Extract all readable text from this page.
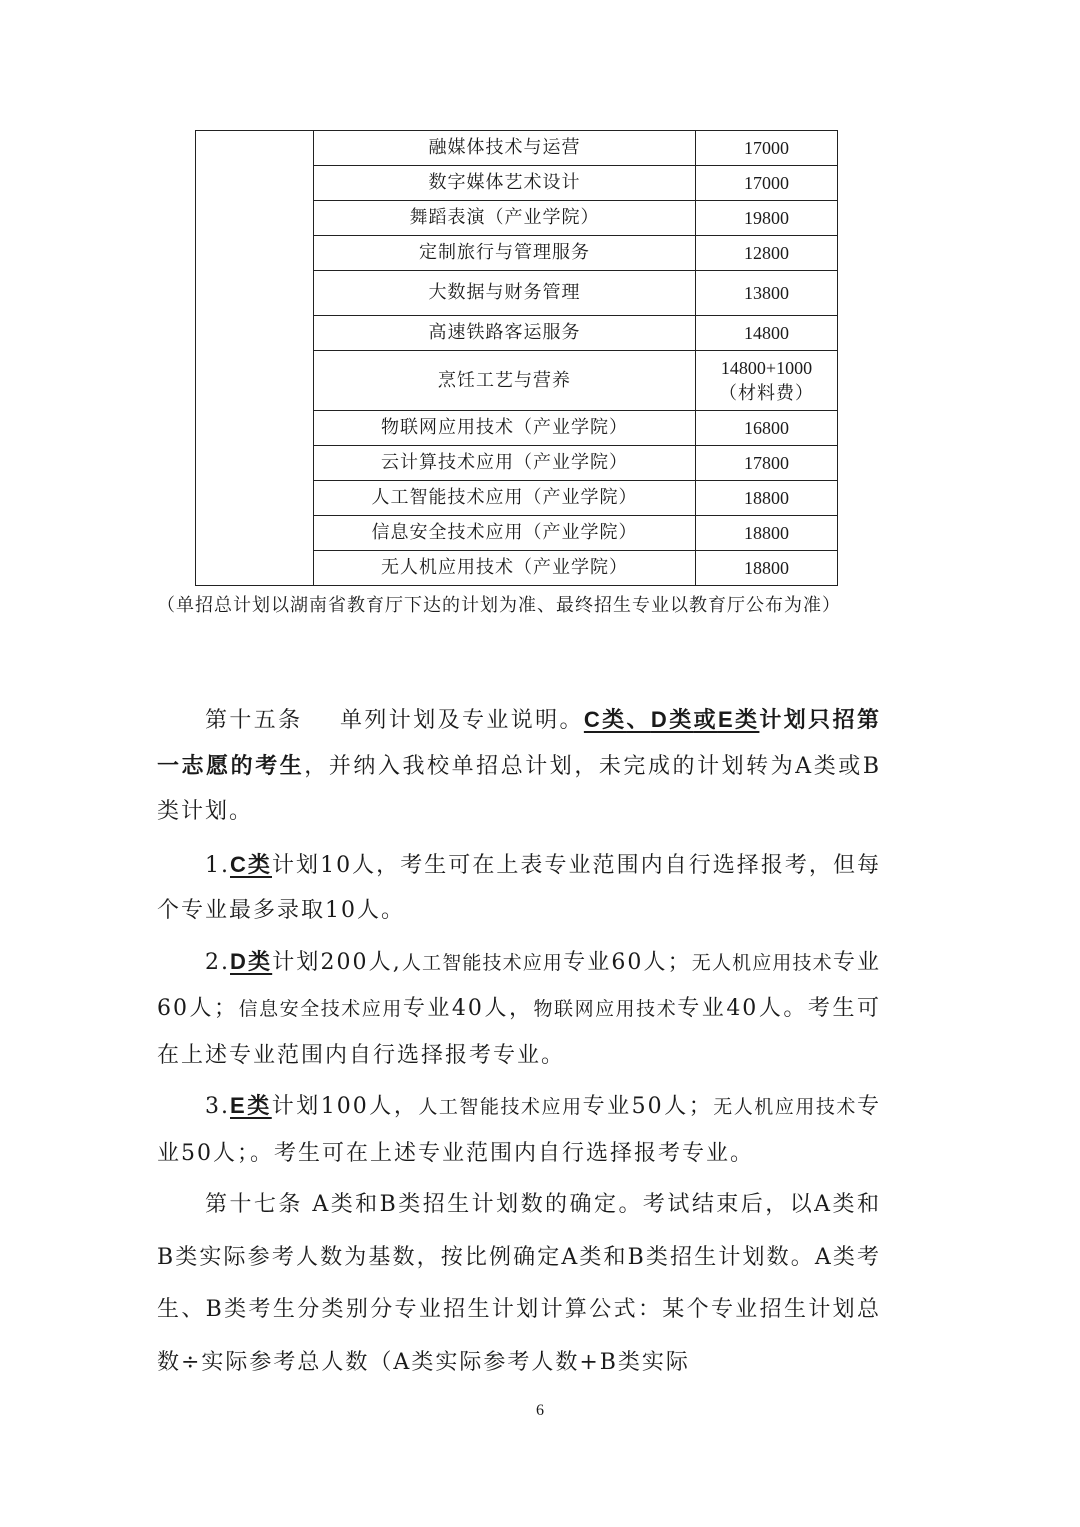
	融媒体技术与运营	17000
	数字媒体艺术设计	17000
	舞蹈表演（产业学院）	19800
	定制旅行与管理服务	12800
	大数据与财务管理	13800
	高速铁路客运服务	14800
	烹饪工艺与营养	14800+1000
（材料费）

	物联网应用技术（产业学院）	16800
	云计算技术应用（产业学院）	17800
	人工智能技术应用（产业学院）	18800
	信息安全技术应用（产业学院）	18800
	无人机应用技术（产业学院）	18800
（单招总计划以湖南省教育厅下达的计划为准、最终招生专业以教育厅公布为准）

第十五条 单列计划及专业说明。C类、D类或E类计划只招第一志愿的考生，并纳入我校单招总计划，未完成的计划转为A类或B类计划。

1.C类计划10人，考生可在上表专业范围内自行选择报考，但每个专业最多录取10人。

2.D类计划200人,人工智能技术应用专业60人；无人机应用技术专业60人；信息安全技术应用专业40人，物联网应用技术专业40人。考生可在上述专业范围内自行选择报考专业。

3.E类计划100人，人工智能技术应用专业50人；无人机应用技术专业50人；。考生可在上述专业范围内自行选择报考专业。

第十七条 A类和B类招生计划数的确定。考试结束后，以A类和B类实际参考人数为基数，按比例确定A类和B类招生计划数。A类考生、B类考生分类别分专业招生计划计算公式：某个专业招生计划总数÷实际参考总人数（A类实际参考人数+B类实际

6
